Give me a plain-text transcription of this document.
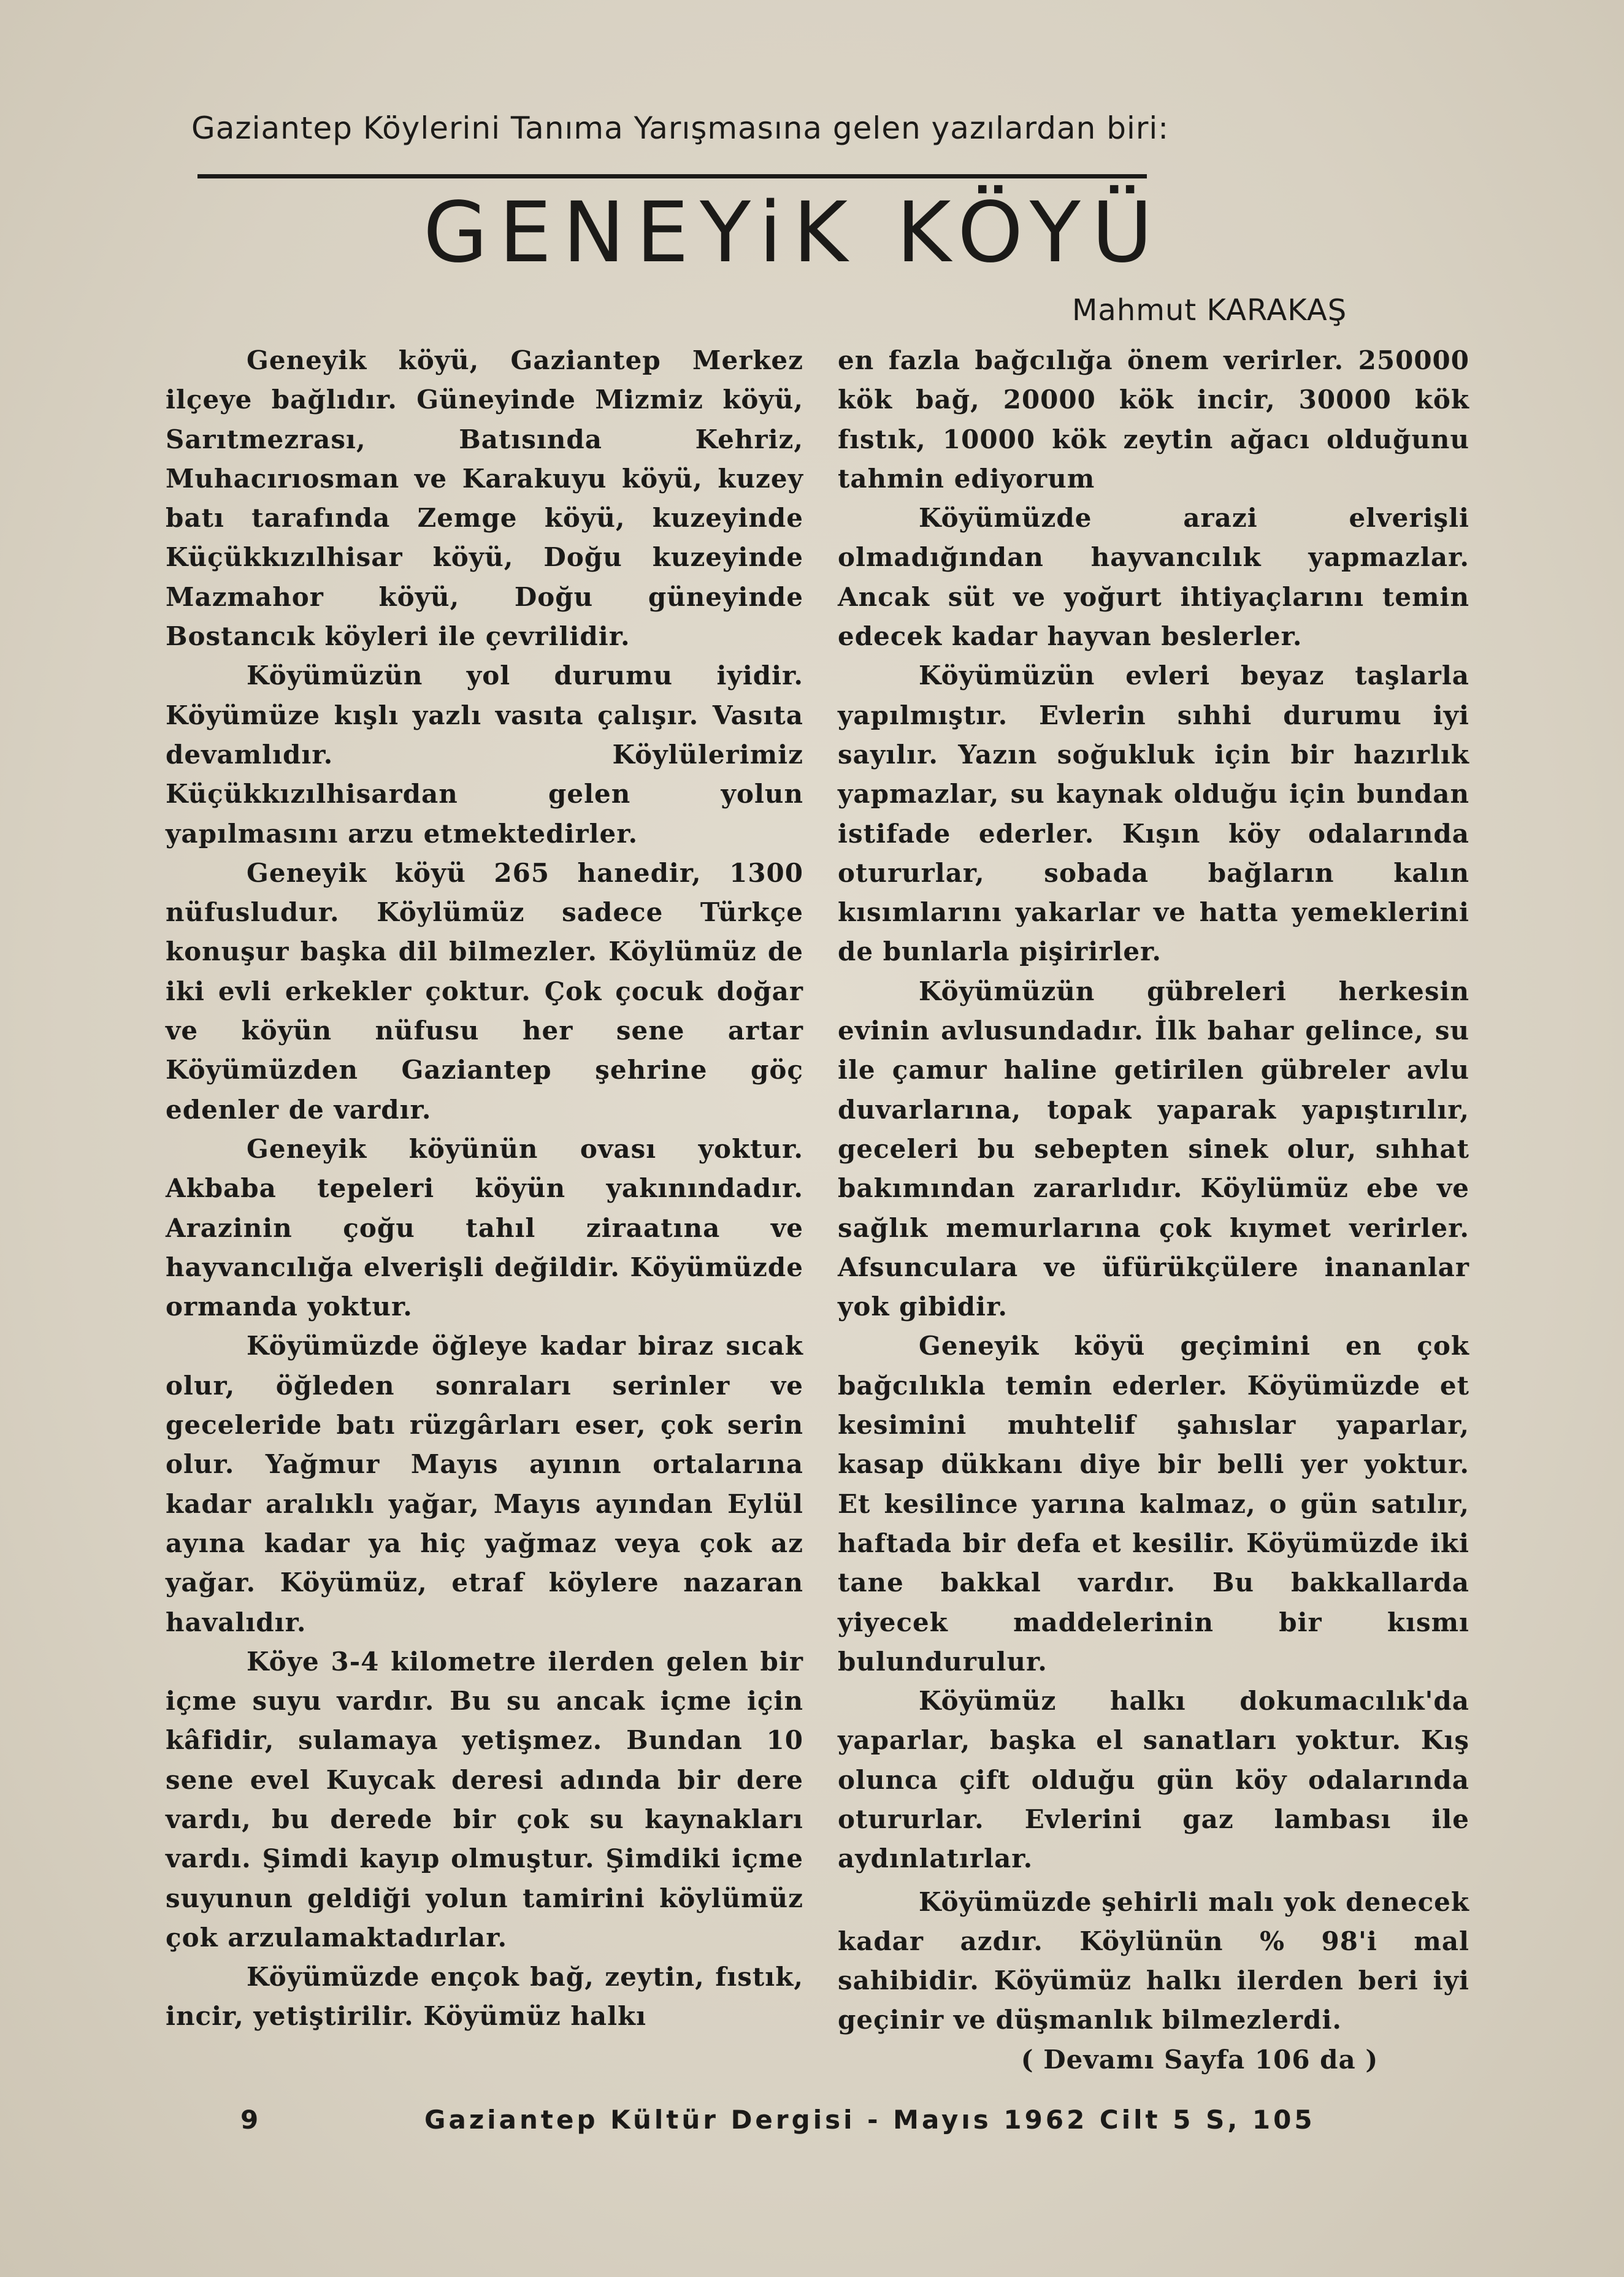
Gaziantep Köylerini Tanıma Yarışmasına gelen yazılardan biri:
GENEYiK KÖYÜ
Mahmut KARAKAŞ

Geneyik köyü, Gaziantep Merkez ilçeye bağlıdır. Güneyinde Mizmiz köyü, Sarıtmezrası, Batısında Kehriz, Muhacırıosman ve Karakuyu köyü, kuzey batı tarafında Zemge köyü, kuzeyinde Küçükkızılhisar köyü, Doğu kuzeyinde Mazmahor köyü, Doğu güneyinde Bostancık köyleri ile çevrilidir.

Köyümüzün yol durumu iyidir. Köyümüze kışlı yazlı vasıta çalışır. Vasıta devamlıdır. Köylülerimiz Küçükkızılhisardan gelen yolun yapılmasını arzu etmektedirler.

Geneyik köyü 265 hanedir, 1300 nüfusludur. Köylümüz sadece Türkçe konuşur başka dil bilmezler. Köylümüz de iki evli erkekler çoktur. Çok çocuk doğar ve köyün nüfusu her sene artar Köyümüzden Gaziantep şehrine göç edenler de vardır.

Geneyik köyünün ovası yoktur. Akbaba tepeleri köyün yakınındadır. Arazinin çoğu tahıl ziraatına ve hayvancılığa elverişli değildir. Köyümüzde ormanda yoktur.

Köyümüzde öğleye kadar biraz sıcak olur, öğleden sonraları serinler ve geceleride batı rüzgârları eser, çok serin olur. Yağmur Mayıs ayının ortalarına kadar aralıklı yağar, Mayıs ayından Eylül ayına kadar ya hiç yağmaz veya çok az yağar. Köyümüz, etraf köylere nazaran havalıdır.

Köye 3-4 kilometre ilerden gelen bir içme suyu vardır. Bu su ancak içme için kâfidir, sulamaya yetişmez. Bundan 10 sene evel Kuycak deresi adında bir dere vardı, bu derede bir çok su kaynakları vardı. Şimdi kayıp olmuştur. Şimdiki içme suyunun geldiği yolun tamirini köylümüz çok arzulamaktadırlar.

Köyümüzde ençok bağ, zeytin, fıstık, incir, yetiştirilir. Köyümüz halkı

en fazla bağcılığa önem verirler. 250000 kök bağ, 20000 kök incir, 30000 kök fıstık, 10000 kök zeytin ağacı olduğunu tahmin ediyorum

Köyümüzde arazi elverişli olmadığından hayvancılık yapmazlar. Ancak süt ve yoğurt ihtiyaçlarını temin edecek kadar hayvan beslerler.

Köyümüzün evleri beyaz taşlarla yapılmıştır. Evlerin sıhhi durumu iyi sayılır. Yazın soğukluk için bir hazırlık yapmazlar, su kaynak olduğu için bundan istifade ederler. Kışın köy odalarında otururlar, sobada bağların kalın kısımlarını yakarlar ve hatta yemeklerini de bunlarla pişirirler.

Köyümüzün gübreleri herkesin evinin avlusundadır. İlk bahar gelince, su ile çamur haline getirilen gübreler avlu duvarlarına, topak yaparak yapıştırılır, geceleri bu sebepten sinek olur, sıhhat bakımından zararlıdır. Köylümüz ebe ve sağlık memurlarına çok kıymet verirler. Afsunculara ve üfürükçülere inananlar yok gibidir.

Geneyik köyü geçimini en çok bağcılıkla temin ederler. Köyümüzde et kesimini muhtelif şahıslar yaparlar, kasap dükkanı diye bir belli yer yoktur. Et kesilince yarına kalmaz, o gün satılır, haftada bir defa et kesilir. Köyümüzde iki tane bakkal vardır. Bu bakkallarda yiyecek maddelerinin bir kısmı bulundurulur.

Köyümüz halkı dokumacılık'da yaparlar, başka el sanatları yoktur. Kış olunca çift olduğu gün köy odalarında otururlar. Evlerini gaz lambası ile aydınlatırlar.

Köyümüzde şehirli malı yok denecek kadar azdır. Köylünün % 98'i mal sahibidir. Köyümüz halkı ilerden beri iyi geçinir ve düşmanlık bilmezlerdi.

( Devamı Sayfa 106 da )
9	Gaziantep Kültür Dergisi - Mayıs 1962 Cilt 5 S, 105
